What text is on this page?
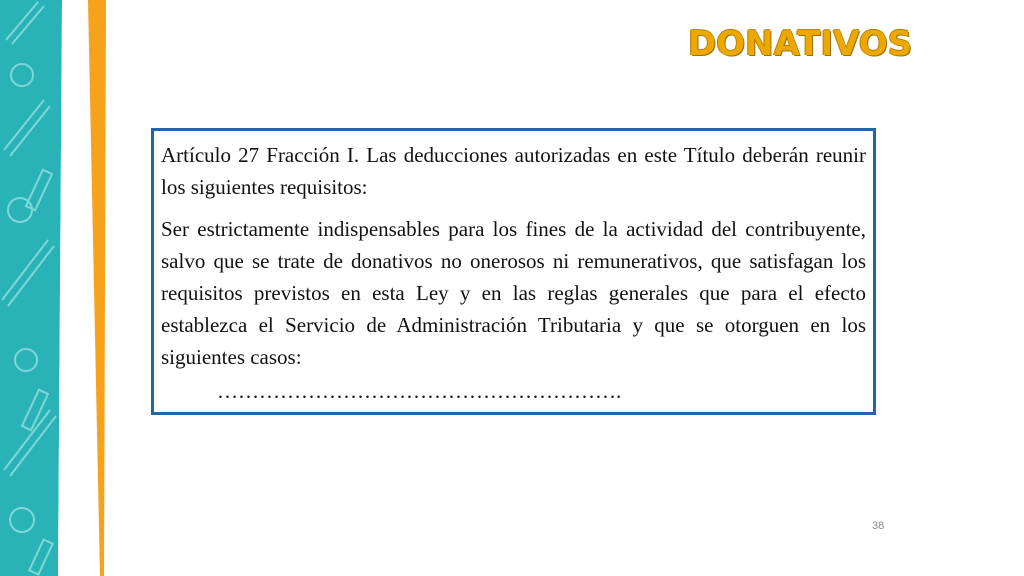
DONATIVOS

Artículo 27 Fracción I. Las deducciones autorizadas en este Título deberán reunir los siguientes requisitos:

Ser estrictamente indispensables para los fines de la actividad del contribuyente, salvo que se trate de donativos no onerosos ni remunerativos, que satisfagan los requisitos previstos en esta Ley y en las reglas generales que para el efecto establezca el Servicio de Administración Tributaria y que se otorguen en los siguientes casos:

………………………………………………….
38
